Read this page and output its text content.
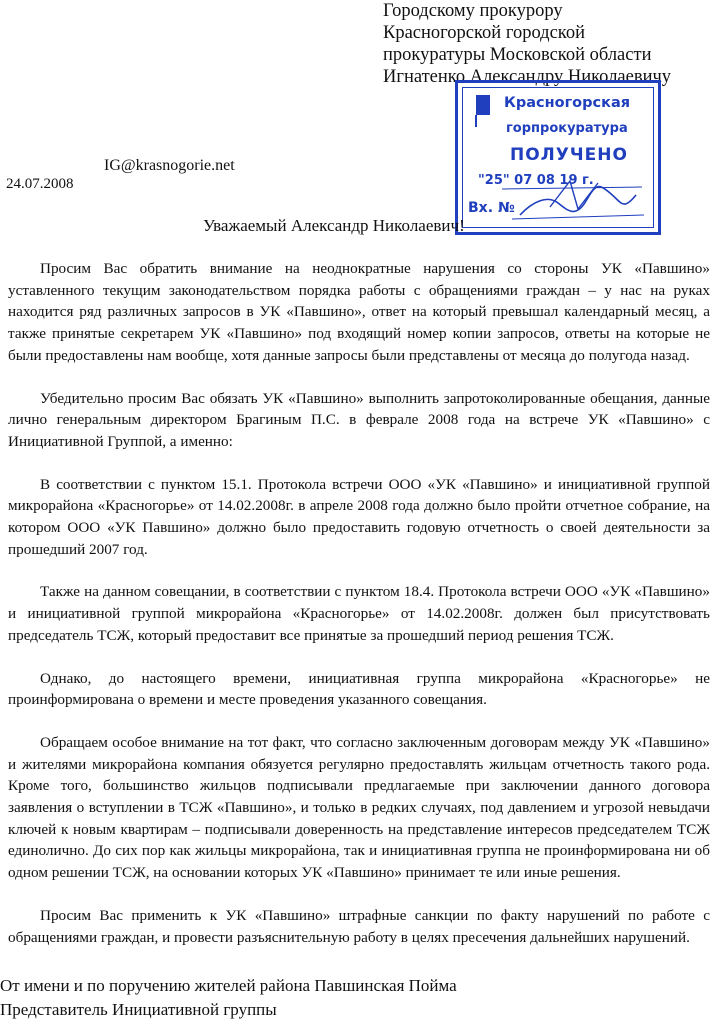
Городскому прокурору
Красногорской городской
прокуратуры Московской области
Игнатенко Александру Николаевичу
Красногорская
горпрокуратура
ПОЛУЧЕНО
"25" 07 08 19 г.
Вх. №
IG@krasnogorie.net
24.07.2008
Уважаемый Александр Николаевич!

Просим Вас обратить внимание на неоднократные нарушения со стороны УК «Павшино» уставленного текущим законодательством порядка работы с обращениями граждан – у нас на руках находится ряд различных запросов в УК «Павшино», ответ на который превышал календарный месяц, а также принятые секретарем УК «Павшино» под входящий номер копии запросов, ответы на которые не были предоставлены нам вообще, хотя данные запросы были представлены от месяца до полугода назад.

Убедительно просим Вас обязать УК «Павшино» выполнить запротоколированные обещания, данные лично генеральным директором Брагиным П.С. в феврале 2008 года на встрече УК «Павшино» с Инициативной Группой, а именно:

В соответствии с пунктом 15.1. Протокола встречи ООО «УК «Павшино» и инициативной группой микрорайона «Красногорье» от 14.02.2008г. в апреле 2008 года должно было пройти отчетное собрание, на котором ООО «УК Павшино» должно было предоставить годовую отчетность о своей деятельности за прошедший 2007 год.

Также на данном совещании, в соответствии с пунктом 18.4. Протокола встречи ООО «УК «Павшино» и инициативной группой микрорайона «Красногорье» от 14.02.2008г. должен был присутствовать председатель ТСЖ, который предоставит все принятые за прошедший период решения ТСЖ.

Однако, до настоящего времени, инициативная группа микрорайона «Красногорье» не проинформирована о времени и месте проведения указанного совещания.

Обращаем особое внимание на тот факт, что согласно заключенным договорам между УК «Павшино» и жителями микрорайона компания обязуется регулярно предоставлять жильцам отчетность такого рода. Кроме того, большинство жильцов подписывали предлагаемые при заключении данного договора заявления о вступлении в ТСЖ «Павшино», и только в редких случаях, под давлением и угрозой невыдачи ключей к новым квартирам – подписывали доверенность на представление интересов председателем ТСЖ единолично. До сих пор как жильцы микрорайона, так и инициативная группа не проинформирована ни об одном решении ТСЖ, на основании которых УК «Павшино» принимает те или иные решения.

Просим Вас применить к УК «Павшино» штрафные санкции по факту нарушений по работе с обращениями граждан, и провести разъяснительную работу в целях пресечения дальнейших нарушений.

От имени и по поручению жителей района Павшинская Пойма
Представитель Инициативной группы
